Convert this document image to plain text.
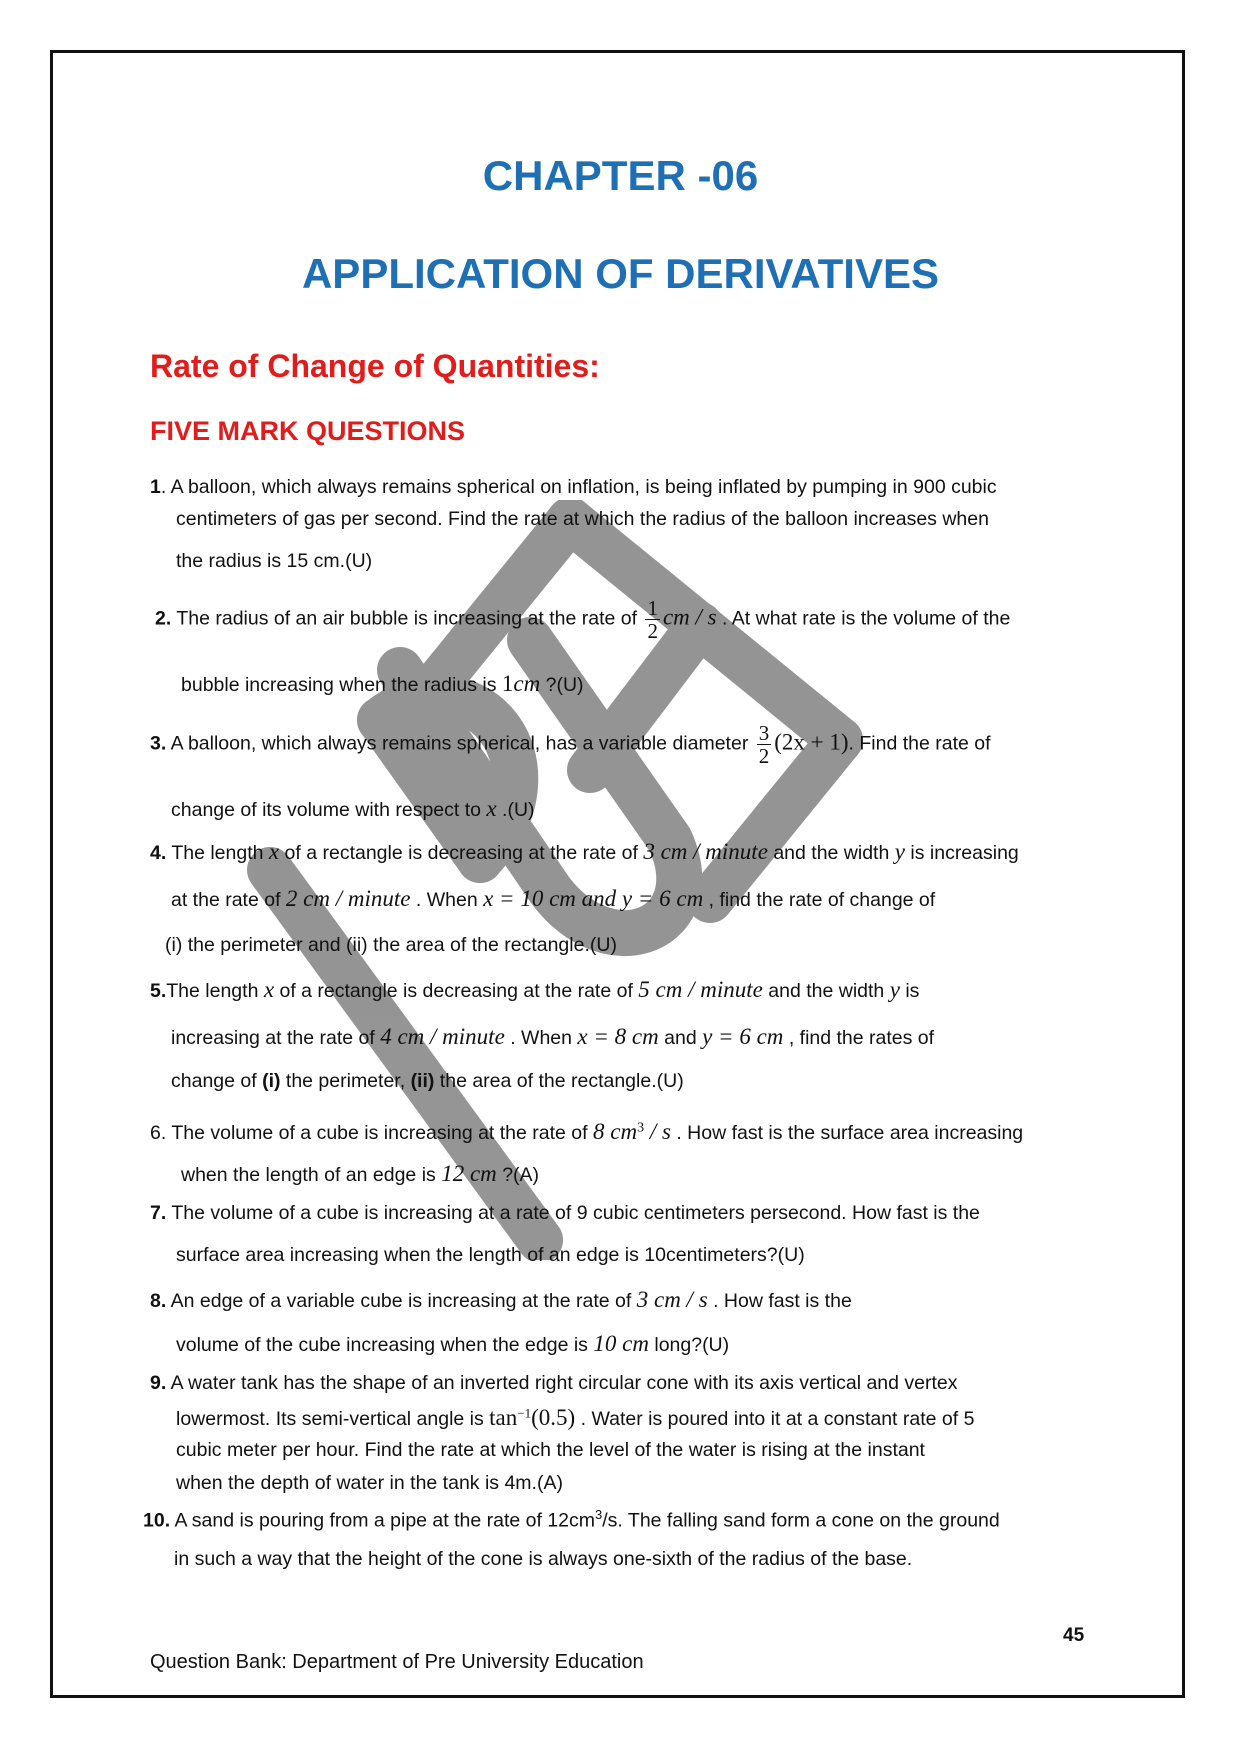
CHAPTER -06
APPLICATION OF DERIVATIVES
Rate of Change of Quantities:
FIVE MARK QUESTIONS
1. A balloon, which always remains spherical on inflation, is being inflated by pumping in 900 cubic
centimeters of gas per second. Find the rate at which the radius of the balloon increases when
the radius is 15 cm.(U)
2. The radius of an air bubble is increasing at the rate of $\frac{1}{2}$ cm / s . At what rate is the volume of the
bubble increasing when the radius is 1cm ?(U)
3. A balloon, which always remains spherical, has a variable diameter $\frac{3}{2} (2x + 1)$. Find the rate of
change of its volume with respect to x .(U)
4. The length x of a rectangle is decreasing at the rate of 3 cm / minute and the width y is increasing
at the rate of 2 cm / minute . When x = 10 cm and y = 6 cm , find the rate of change of
(i) the perimeter and (ii) the area of the rectangle.(U)
5.The length x of a rectangle is decreasing at the rate of 5 cm / minute and the width y is
increasing at the rate of 4 cm / minute . When x = 8 cm and y = 6 cm , find the rates of
change of (i) the perimeter, (ii) the area of the rectangle.(U)
6. The volume of a cube is increasing at the rate of 8 $cm^3$ / s . How fast is the surface area increasing
when the length of an edge is 12 cm ?(A)
7. The volume of a cube is increasing at a rate of 9 cubic centimeters persecond. How fast is the
surface area increasing when the length of an edge is 10centimeters?(U)
8. An edge of a variable cube is increasing at the rate of 3 cm / s . How fast is the
volume of the cube increasing when the edge is 10 cm long?(U)
9. A water tank has the shape of an inverted right circular cone with its axis vertical and vertex
lowermost. Its semi-vertical angle is $\tan^{-1}(0.5)$ . Water is poured into it at a constant rate of 5
cubic meter per hour. Find the rate at which the level of the water is rising at the instant
when the depth of water in the tank is 4m.(A)
10. A sand is pouring from a pipe at the rate of $12cm^3/s$. The falling sand form a cone on the ground
in such a way that the height of the cone is always one-sixth of the radius of the base.
45
Question Bank: Department of Pre University Education
